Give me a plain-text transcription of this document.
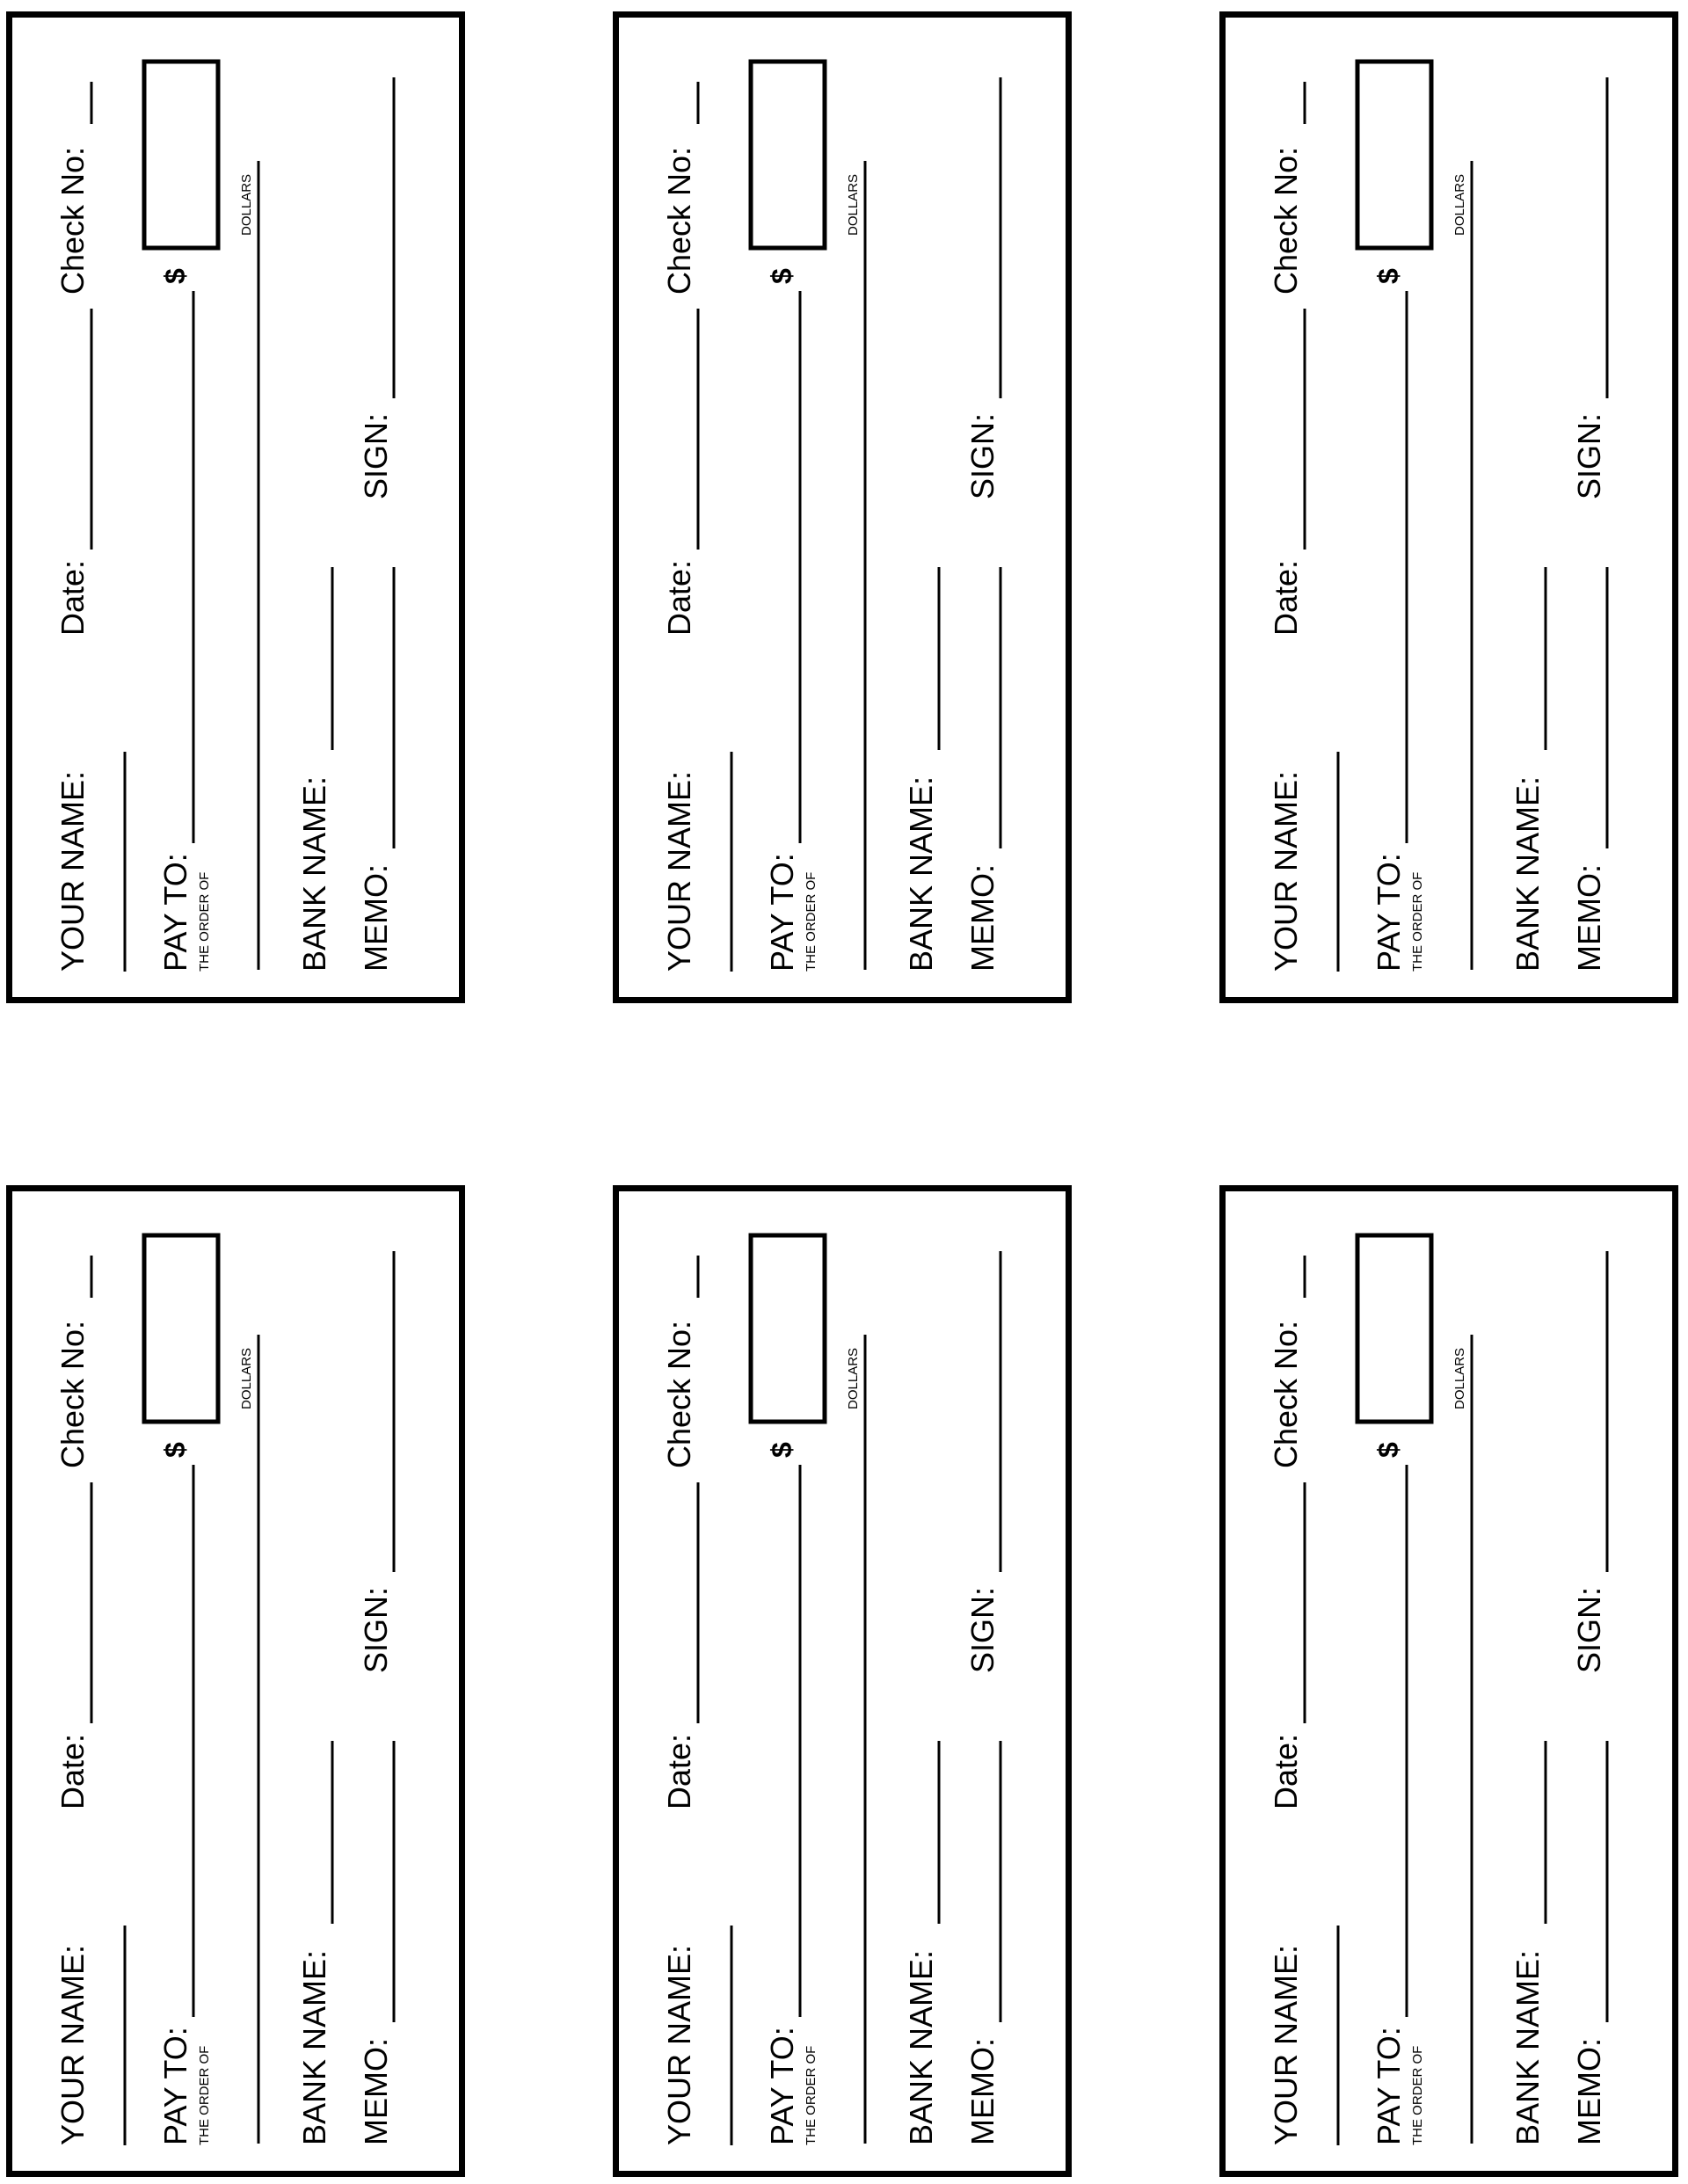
YOUR NAME:
Date:
Check No:
PAY TO: THE ORDER OF
$
DOLLARS
BANK NAME: MEMO:
SIGN:
YOUR NAME:
Date:
Check No:
PAY TO: THE ORDER OF
$
DOLLARS
BANK NAME: MEMO:
SIGN:
YOUR NAME:
Date:
Check No:
PAY TO: THE ORDER OF
$
DOLLARS
BANK NAME: MEMO:
SIGN:
YOUR NAME:
Date:
Check No:
PAY TO: THE ORDER OF
$
DOLLARS
BANK NAME: MEMO:
SIGN:
YOUR NAME:
Date:
Check No:
PAY TO: THE ORDER OF
$
DOLLARS
BANK NAME: MEMO:
SIGN:
YOUR NAME:
Date:
Check No:
PAY TO: THE ORDER OF
$
DOLLARS
BANK NAME: MEMO:
SIGN:
